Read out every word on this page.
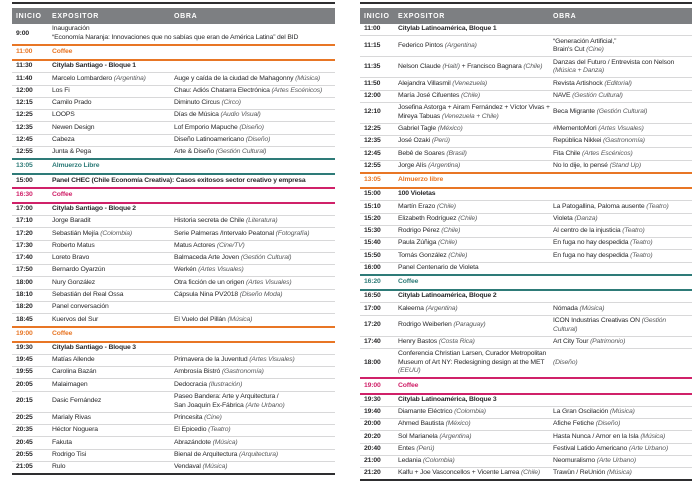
INICIO	EXPOSITOR	OBRA
9:00	Inauguración
“Economía Naranja: Innovaciones que no sabías que eran de América Latina” del BID	
11:00	Coffee	
11:30	Citylab Santiago - Bloque 1	
11:40	Marcelo Lombardero (Argentina)	Auge y caída de la ciudad de Mahagonny (Música)
12:00	Los Fi	Chau: Adiós Chatarra Electrónica (Artes Escénicos)
12:15	Camilo Prado	Diminuto Circus (Circo)
12:25	LOOPS	Días de Música (Audio Visual)
12:35	Newen Design	Lof Emporio Mapuche (Diseño)
12:45	Cabeza	Diseño Latinoamericano (Diseño)
12:55	Junta & Pega	Arte & Diseño (Gestión Cultural)
13:05	Almuerzo Libre	
15:00	Panel CHEC (Chile Economía Creativa): Casos exitosos sector creativo y empresa	
16:30	Coffee	
17:00	Citylab Santiago - Bloque 2	
17:10	Jorge Baradit	Historia secreta de Chile (Literatura)
17:20	Sebastián Mejía (Colombia)	Serie Palmeras /Intervalo Peatonal (Fotografía)
17:30	Roberto Matus	Matus Actores (Cine/TV)
17:40	Loreto Bravo	Balmaceda Arte Joven (Gestión Cultural)
17:50	Bernardo Oyarzún	Werkén (Artes Visuales)
18:00	Nury González	Otra ficción de un origen (Artes Visuales)
18:10	Sebastián del Real Ossa	Cápsula Nina PV2018 (Diseño Moda)
18:20	Panel conversación	
18:45	Kuervos del Sur	El Vuelo del Pillán (Música)
19:00	Coffee	
19:30	Citylab Santiago - Bloque 3	
19:45	Matías Allende	Primavera de la Juventud (Artes Visuales)
19:55	Carolina Bazán	Ambrosía Bistró (Gastronomía)
20:05	Malaimagen	Dedocracia (Ilustración)
20:15	Dasic Fernández	Paseo Bandera: Arte y Arquitectura /
San Joaquín Ex-Fábrica (Arte Urbano)
20:25	Marialy Rivas	Princesita (Cine)
20:35	Héctor Noguera	El Epicedio (Teatro)
20:45	Fakuta	Abrazándote (Música)
20:55	Rodrigo Tisi	Bienal de Arquitectura (Arquitectura)
21:05	Rulo	Vendaval (Música)
INICIO	EXPOSITOR	OBRA
11:00	Citylab Latinoamérica, Bloque 1	
11:15	Federico Pintos (Argentina)	“Generación Artificial,”
Brain's Cut (Cine)
11:35	Nelson Claude (Haití) + Francisco Bagnara (Chile)	Danzas del Futuro / Entrevista con Nelson
(Música + Danza)
11:50	Alejandra Villasmil (Venezuela)	Revista Artishock (Editorial)
12:00	María José Cifuentes (Chile)	NAVE (Gestión Cultural)
12:10	Josefina Astorga + Airam Fernández + Víctor Vivas + Mireya Tabuas (Venezuela + Chile)	Beca Migrante (Gestión Cultural)
12:25	Gabriel Tagle (México)	#MementoMori (Artes Visuales)
12:35	José Ozaki (Perú)	República Nikkei (Gastronomía)
12:45	Bebê de Soares (Brasil)	Fita Chile (Artes Escénicos)
12:55	Jorge Alís (Argentina)	No lo dije, lo pensé (Stand Up)
13:05	Almuerzo libre	
15:00	100 Violetas	
15:10	Martín Erazo (Chile)	La Patogallina, Paloma ausente (Teatro)
15:20	Elizabeth Rodríguez (Chile)	Violeta (Danza)
15:30	Rodrigo Pérez (Chile)	Al centro de la injusticia (Teatro)
15:40	Paula Zúñiga (Chile)	En fuga no hay despedida (Teatro)
15:50	Tomás González (Chile)	En fuga no hay despedida (Teatro)
16:00	Panel Centenario de Violeta	
16:20	Coffee	
16:50	Citylab Latinoamérica, Bloque 2	
17:00	Kaleema (Argentina)	Nómada (Música)
17:20	Rodrigo Weiberlen (Paraguay)	ICON Industrias Creativas ON (Gestión Cultural)
17:40	Henry Bastos (Costa Rica)	Art City Tour (Patrimonio)
18:00	Conferencia Christian Larsen, Curador Metropolitan
Museum of Art NY: Redesigning design at the MET (EEUU)	(Diseño)
19:00	Coffee	
19:30	Citylab Latinoamérica, Bloque 3	
19:40	Diamante Eléctrico (Colombia)	La Gran Oscilación (Música)
20:00	Ahmed Bautista (México)	Afiche Fetiche (Diseño)
20:20	Sol Marianela (Argentina)	Hasta Nunca / Amor en la Isla (Música)
20:40	Entes (Perú)	Festival Latido Americano (Arte Urbano)
21:00	Ledania (Colombia)	Neomuralismo (Arte Urbano)
21:20	Kalfu + Joe Vasconcellos + Vicente Larrea (Chile)	Trawün / ReUnión (Música)
